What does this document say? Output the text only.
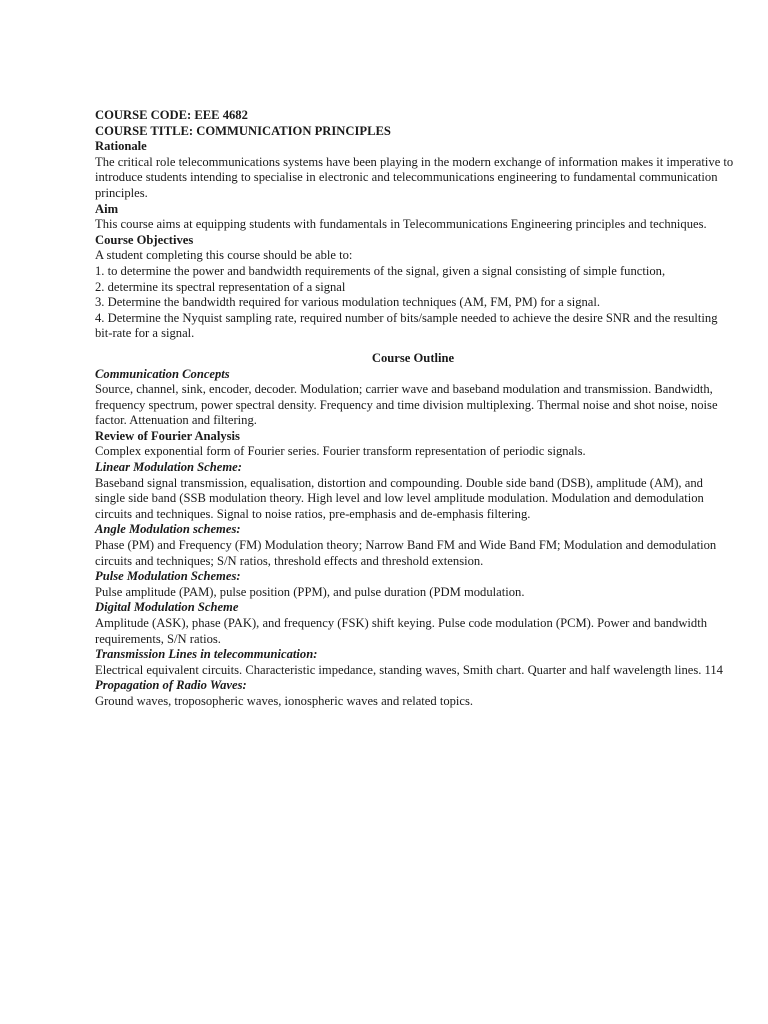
COURSE CODE: EEE 4682

COURSE TITLE: COMMUNICATION PRINCIPLES

Rationale

The critical role telecommunications systems have been playing in the modern exchange of information makes it imperative to introduce students intending to specialise in electronic and telecommunications engineering to fundamental communication principles.

Aim

This course aims at equipping students with fundamentals in Telecommunications Engineering principles and techniques.

Course Objectives

A student completing this course should be able to:

1. to determine the power and bandwidth requirements of the signal, given a signal consisting of simple function,

2. determine its spectral representation of a signal

3. Determine the bandwidth required for various modulation techniques (AM, FM, PM) for a signal.

4. Determine the Nyquist sampling rate, required number of bits/sample needed to achieve the desire SNR and the resulting bit-rate for a signal.

Course Outline

Communication Concepts

Source, channel, sink, encoder, decoder. Modulation; carrier wave and baseband modulation and transmission. Bandwidth, frequency spectrum, power spectral density. Frequency and time division multiplexing. Thermal noise and shot noise, noise factor. Attenuation and filtering.

Review of Fourier Analysis

Complex exponential form of Fourier series. Fourier transform representation of periodic signals.

Linear Modulation Scheme:

Baseband signal transmission, equalisation, distortion and compounding. Double side band (DSB), amplitude (AM), and single side band (SSB modulation theory. High level and low level amplitude modulation. Modulation and demodulation circuits and techniques. Signal to noise ratios, pre-emphasis and de-emphasis filtering.

Angle Modulation schemes:

Phase (PM) and Frequency (FM) Modulation theory; Narrow Band FM and Wide Band FM; Modulation and demodulation circuits and techniques; S/N ratios, threshold effects and threshold extension.

Pulse Modulation Schemes:

Pulse amplitude (PAM), pulse position (PPM), and pulse duration (PDM modulation.

Digital Modulation Scheme

Amplitude (ASK), phase (PAK), and frequency (FSK) shift keying. Pulse code modulation (PCM). Power and bandwidth requirements, S/N ratios.

Transmission Lines in telecommunication:

Electrical equivalent circuits. Characteristic impedance, standing waves, Smith chart. Quarter and half wavelength lines. 114

Propagation of Radio Waves:

Ground waves, troposopheric waves, ionospheric waves and related topics.
